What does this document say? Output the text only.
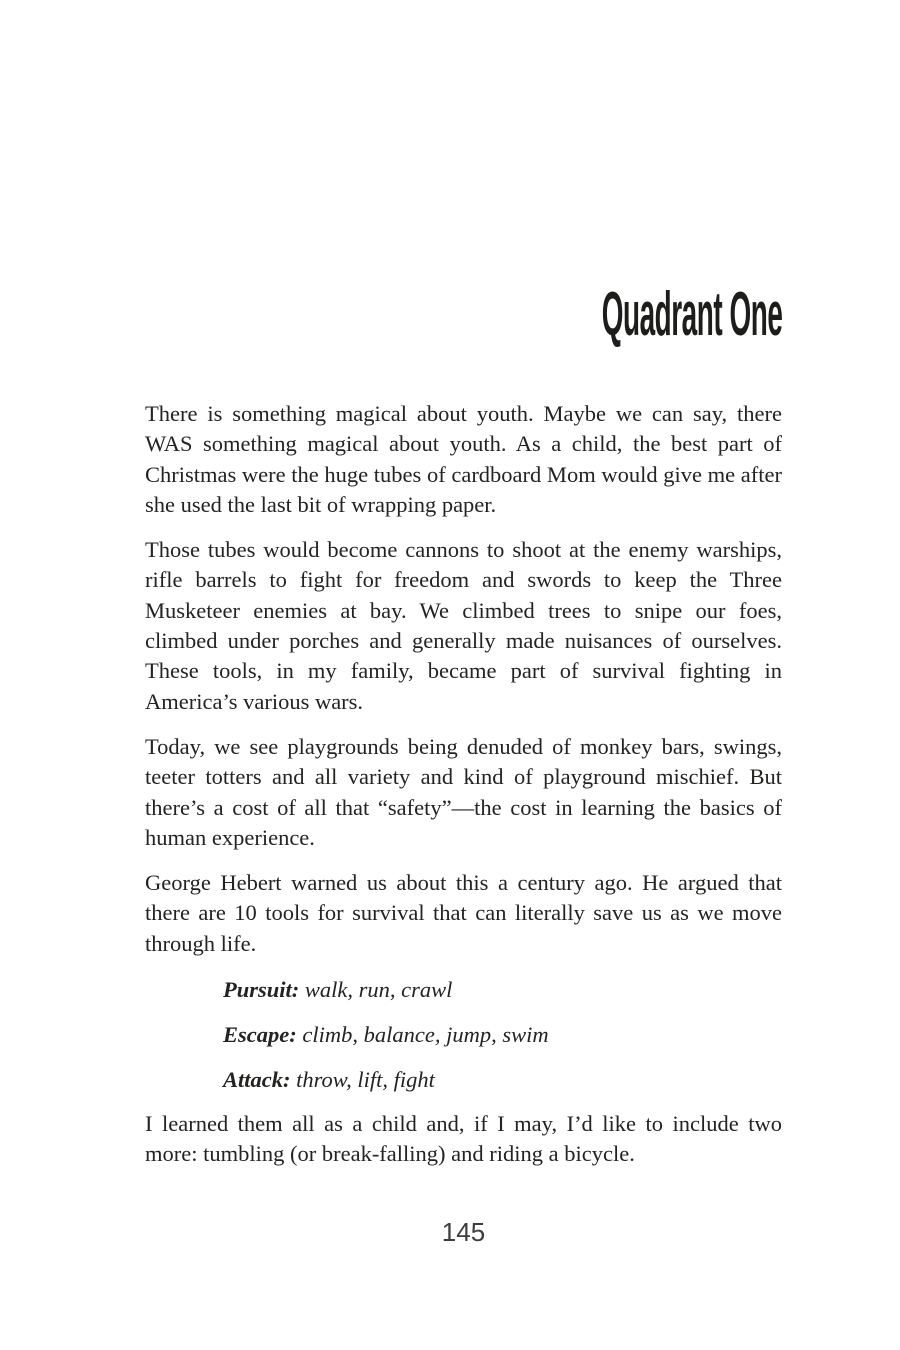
Quadrant One

There is something magical about youth. Maybe we can say, there WAS something magical about youth. As a child, the best part of Christmas were the huge tubes of cardboard Mom would give me after she used the last bit of wrapping paper.

Those tubes would become cannons to shoot at the enemy warships, rifle barrels to fight for freedom and swords to keep the Three Musketeer enemies at bay. We climbed trees to snipe our foes, climbed under porches and generally made nuisances of ourselves. These tools, in my family, became part of survival fighting in America’s various wars.

Today, we see playgrounds being denuded of monkey bars, swings, teeter totters and all variety and kind of playground mischief. But there’s a cost of all that “safety”—the cost in learning the basics of human experience.

George Hebert warned us about this a century ago. He argued that there are 10 tools for survival that can literally save us as we move through life.

Pursuit: walk, run, crawl
Escape: climb, balance, jump, swim
Attack: throw, lift, fight

I learned them all as a child and, if I may, I’d like to include two more: tumbling (or break-falling) and riding a bicycle.

145
